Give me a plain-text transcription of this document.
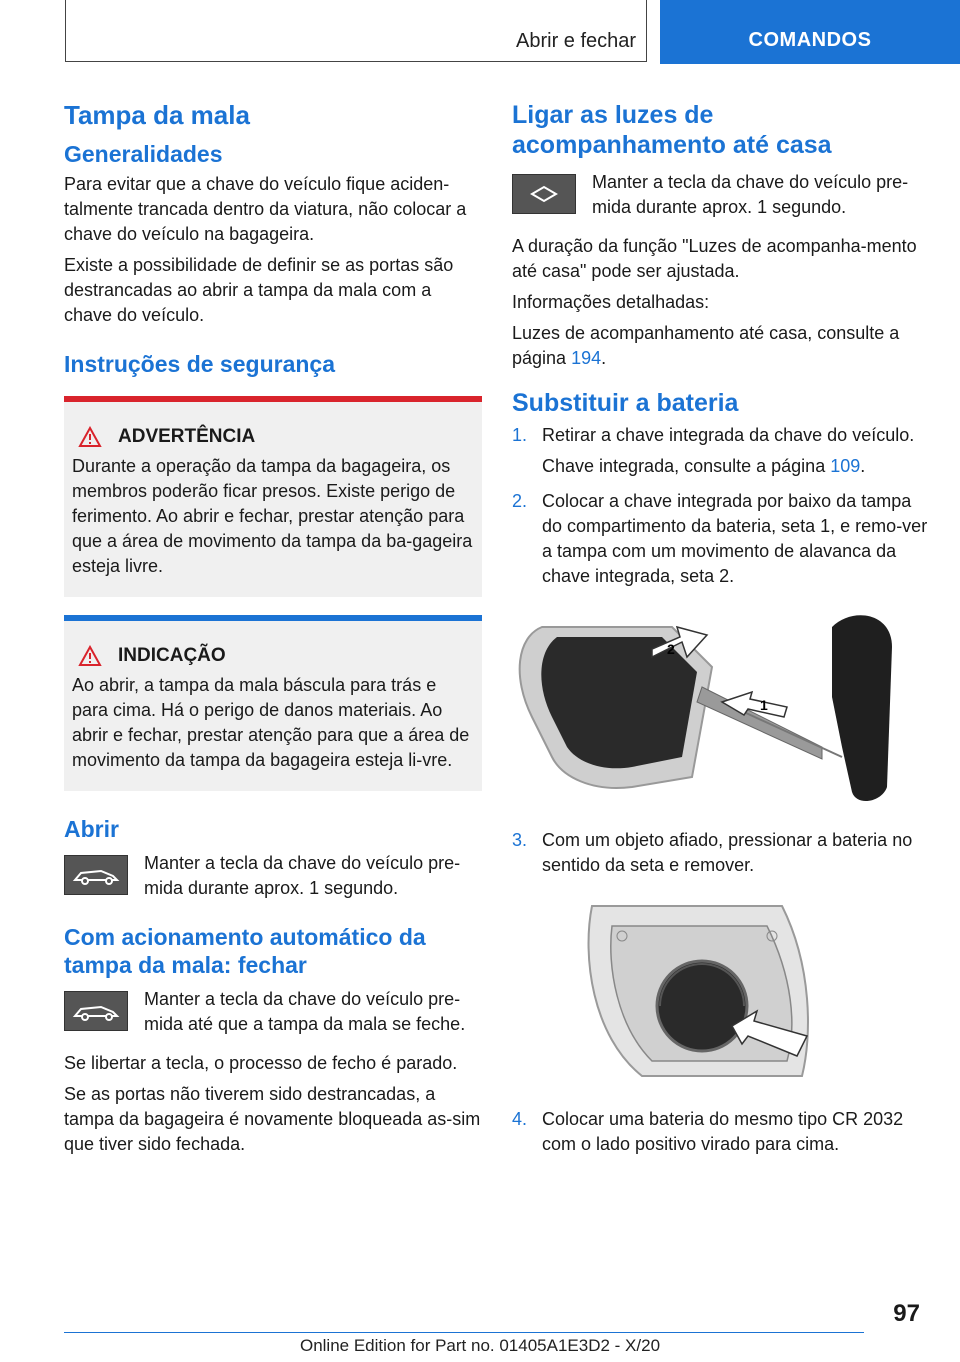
Abrir e fechar	COMANDOS
Tampa da mala
Generalidades

Para evitar que a chave do veículo fique aciden-talmente trancada dentro da viatura, não colocar a chave do veículo na bagageira.

Existe a possibilidade de definir se as portas são destrancadas ao abrir a tampa da mala com a chave do veículo.

Instruções de segurança
ADVERTÊNCIA

Durante a operação da tampa da bagageira, os membros poderão ficar presos. Existe perigo de ferimento. Ao abrir e fechar, prestar atenção para que a área de movimento da tampa da ba-gageira esteja livre.

INDICAÇÃO

Ao abrir, a tampa da mala báscula para trás e para cima. Há o perigo de danos materiais. Ao abrir e fechar, prestar atenção para que a área de movimento da tampa da bagageira esteja li-vre.

Abrir
Manter a tecla da chave do veículo pre-mida durante aprox. 1 segundo.
Com acionamento automático da tampa da mala: fechar
Manter a tecla da chave do veículo pre-mida até que a tampa da mala se feche.

Se libertar a tecla, o processo de fecho é parado.

Se as portas não tiverem sido destrancadas, a tampa da bagageira é novamente bloqueada as-sim que tiver sido fechada.

Ligar as luzes de acompanhamento até casa
Manter a tecla da chave do veículo pre-mida durante aprox. 1 segundo.

A duração da função "Luzes de acompanha-mento até casa" pode ser ajustada.

Informações detalhadas:

Luzes de acompanhamento até casa, consulte a página 194.

Substituir a bateria
1. Retirar a chave integrada da chave do veículo.

Chave integrada, consulte a página 109.

2. Colocar a chave integrada por baixo da tampa do compartimento da bateria, seta 1, e remo-ver a tampa com um movimento de alavanca da chave integrada, seta 2.

2
1
3. Com um objeto afiado, pressionar a bateria no sentido da seta e remover.

4. Colocar uma bateria do mesmo tipo CR 2032 com o lado positivo virado para cima.

97
Online Edition for Part no. 01405A1E3D2 - X/20
